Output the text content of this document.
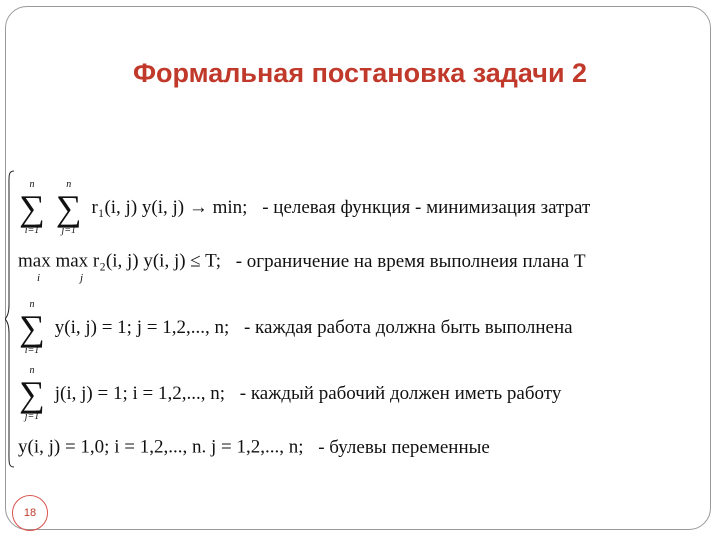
Формальная постановка задачи 2
n
∑
i=1

n
∑
j=1
r₁(i, j) y(i, j) → min; - целевая функция - минимизация затрат
max max r₂(i, j) y(i, j) ≤ T; - ограничение на время выполнеия плана Т
i	j
n
∑
i=1
y(i, j) = 1; j = 1,2,..., n; - каждая работа должна быть выполнена
n
∑
j=1
j(i, j) = 1; i = 1,2,..., n; - каждый рабочий должен иметь работу
y(i, j) = 1,0; i = 1,2,..., n. j = 1,2,..., n; - булевы переменные
18
